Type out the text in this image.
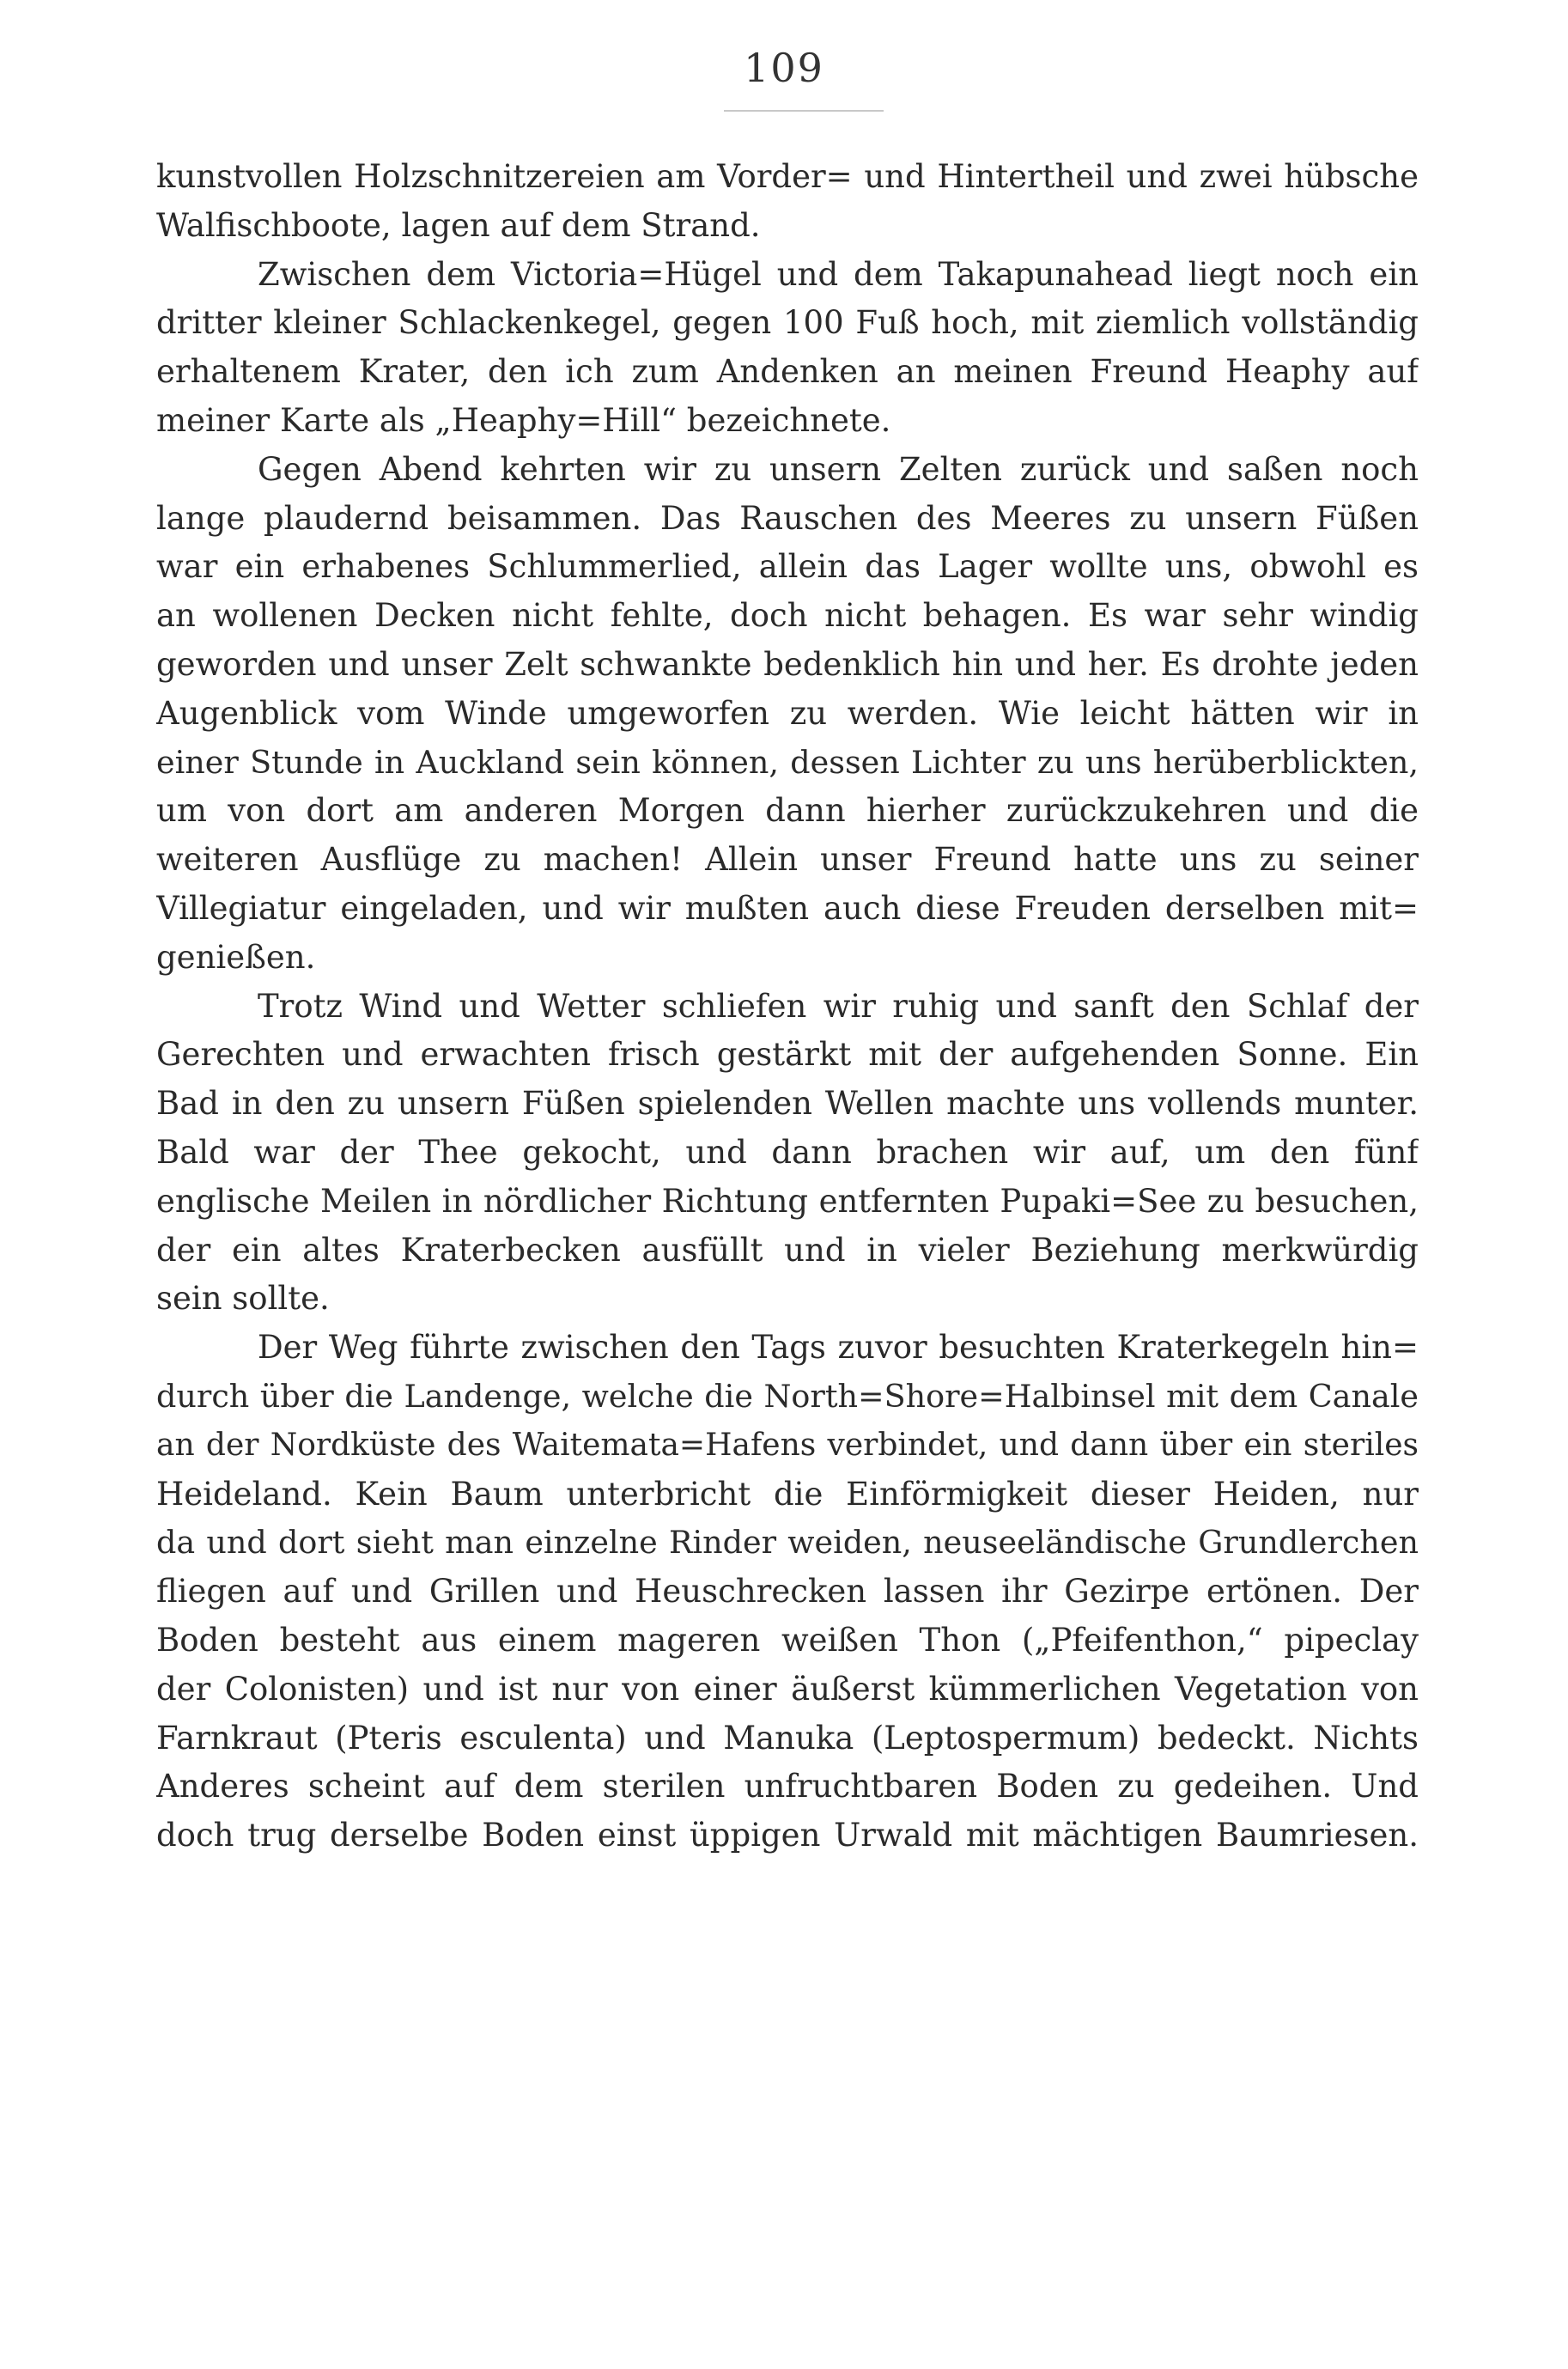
109
kunstvollen Holzschnitzereien am Vorder= und Hintertheil und zwei hübsche
Walfischboote, lagen auf dem Strand.
Zwischen dem Victoria=Hügel und dem Takapunahead liegt noch ein
dritter kleiner Schlackenkegel, gegen 100 Fuß hoch, mit ziemlich vollständig
erhaltenem Krater, den ich zum Andenken an meinen Freund Heaphy auf
meiner Karte als „Heaphy=Hill“ bezeichnete.
Gegen Abend kehrten wir zu unsern Zelten zurück und saßen noch
lange plaudernd beisammen. Das Rauschen des Meeres zu unsern Füßen
war ein erhabenes Schlummerlied, allein das Lager wollte uns, obwohl es
an wollenen Decken nicht fehlte, doch nicht behagen. Es war sehr windig
geworden und unser Zelt schwankte bedenklich hin und her. Es drohte jeden
Augenblick vom Winde umgeworfen zu werden. Wie leicht hätten wir in
einer Stunde in Auckland sein können, dessen Lichter zu uns herüberblickten,
um von dort am anderen Morgen dann hierher zurückzukehren und die
weiteren Ausflüge zu machen! Allein unser Freund hatte uns zu seiner
Villegiatur eingeladen, und wir mußten auch diese Freuden derselben mit=
genießen.
Trotz Wind und Wetter schliefen wir ruhig und sanft den Schlaf der
Gerechten und erwachten frisch gestärkt mit der aufgehenden Sonne. Ein
Bad in den zu unsern Füßen spielenden Wellen machte uns vollends munter.
Bald war der Thee gekocht, und dann brachen wir auf, um den fünf
englische Meilen in nördlicher Richtung entfernten Pupaki=See zu besuchen,
der ein altes Kraterbecken ausfüllt und in vieler Beziehung merkwürdig
sein sollte.
Der Weg führte zwischen den Tags zuvor besuchten Kraterkegeln hin=
durch über die Landenge, welche die North=Shore=Halbinsel mit dem Canale
an der Nordküste des Waitemata=Hafens verbindet, und dann über ein steriles
Heideland. Kein Baum unterbricht die Einförmigkeit dieser Heiden, nur
da und dort sieht man einzelne Rinder weiden, neuseeländische Grundlerchen
fliegen auf und Grillen und Heuschrecken lassen ihr Gezirpe ertönen. Der
Boden besteht aus einem mageren weißen Thon („Pfeifenthon,“ pipeclay
der Colonisten) und ist nur von einer äußerst kümmerlichen Vegetation von
Farnkraut (Pteris esculenta) und Manuka (Leptospermum) bedeckt. Nichts
Anderes scheint auf dem sterilen unfruchtbaren Boden zu gedeihen. Und
doch trug derselbe Boden einst üppigen Urwald mit mächtigen Baumriesen.
